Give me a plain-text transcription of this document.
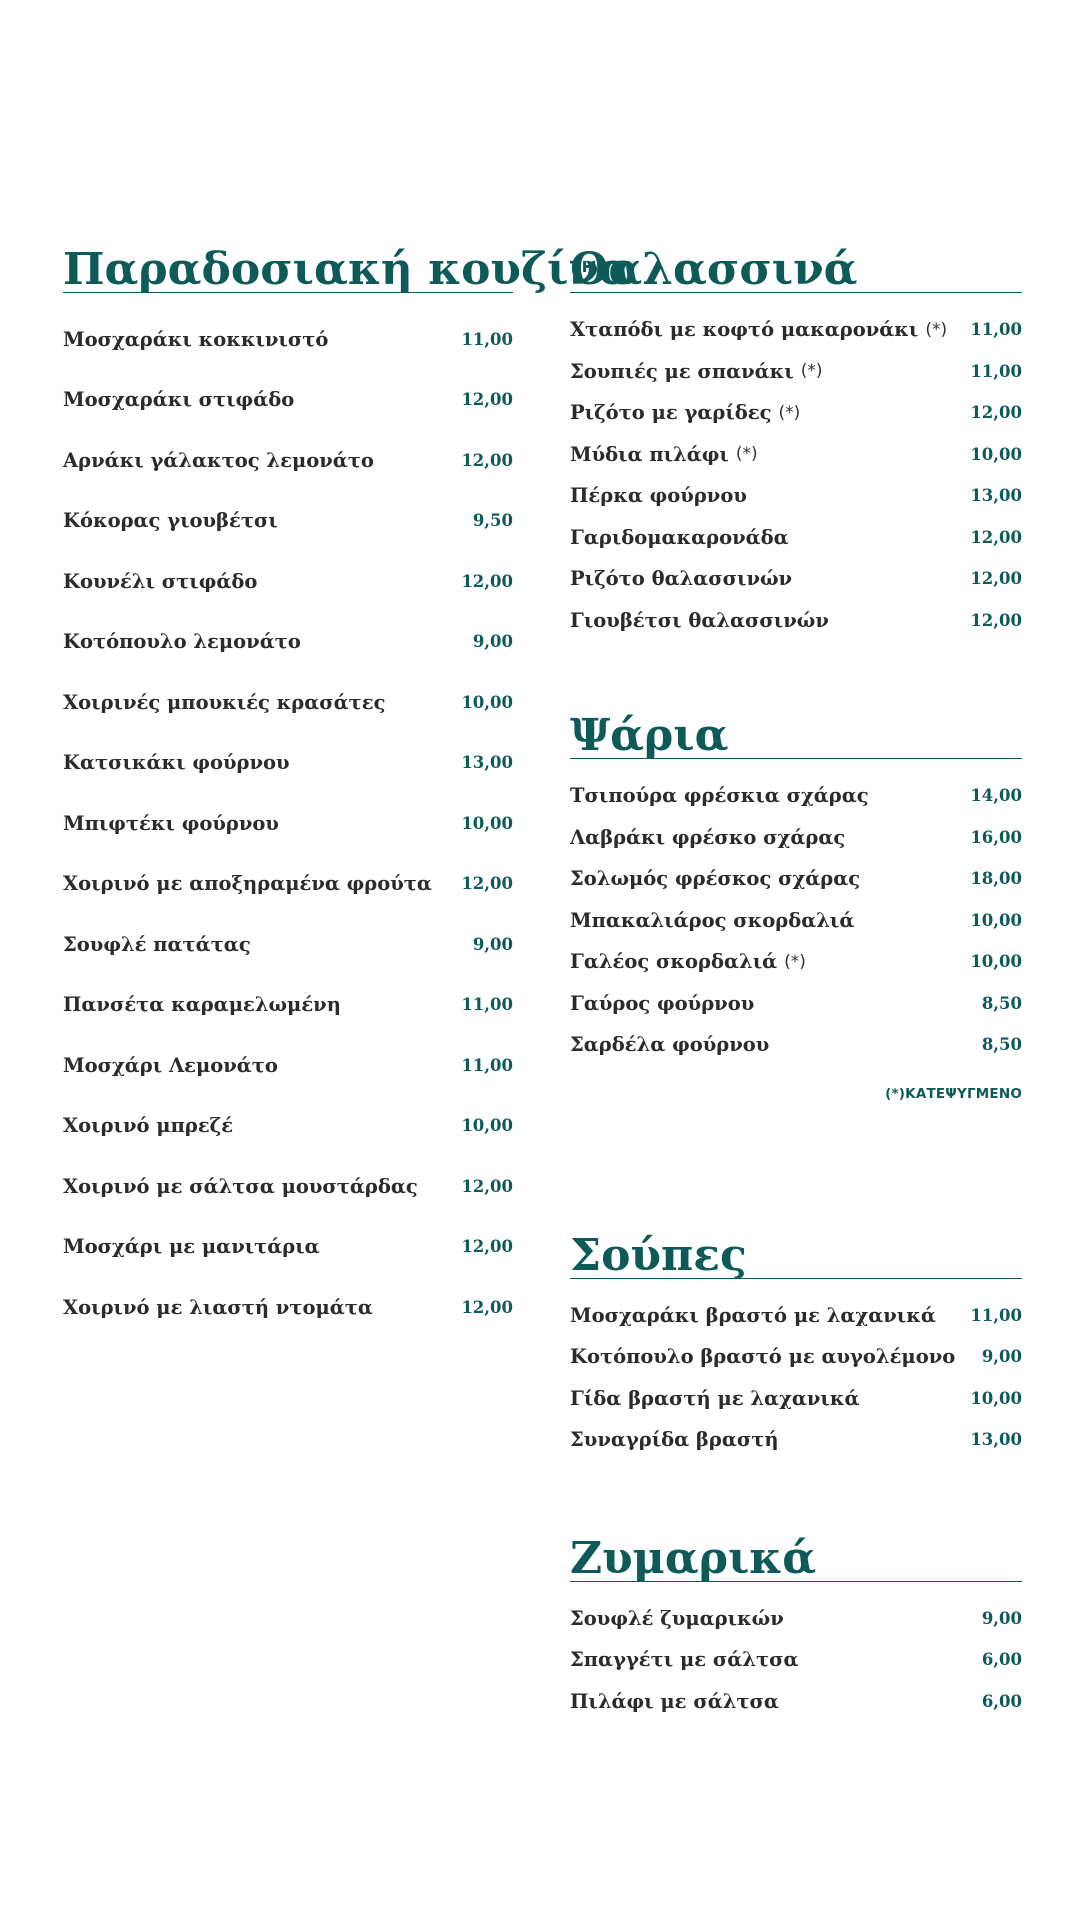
Παραδοσιακή κουζίνα
Μοσχαράκι κοκκινιστό	11,00
Μοσχαράκι στιφάδο	12,00
Αρνάκι γάλακτος λεμονάτο	12,00
Κόκορας γιουβέτσι	9,50
Κουνέλι στιφάδο	12,00
Κοτόπουλο λεμονάτο	9,00
Χοιρινές μπουκιές κρασάτες	10,00
Κατσικάκι φούρνου	13,00
Μπιφτέκι φούρνου	10,00
Χοιρινό με αποξηραμένα φρούτα 12,00
Σουφλέ πατάτας	9,00
Πανσέτα καραμελωμένη	11,00
Μοσχάρι Λεμονάτο	11,00
Χοιρινό μπρεζέ	10,00
Χοιρινό με σάλτσα μουστάρδας	12,00
Μοσχάρι με μανιτάρια	12,00
Χοιρινό με λιαστή ντομάτα	12,00
Θαλασσινά
Χταπόδι με κοφτό μακαρονάκι (*) 11,00
Σουπιές με σπανάκι (*)	11,00
Ριζότο με γαρίδες (*)	12,00
Μύδια πιλάφι (*)	10,00
Πέρκα φούρνου	13,00
Γαριδομακαρονάδα	12,00
Ριζότο θαλασσινών	12,00
Γιουβέτσι θαλασσινών	12,00
Ψάρια
Τσιπούρα φρέσκια σχάρας	14,00
Λαβράκι φρέσκο σχάρας	16,00
Σολωμός φρέσκος σχάρας	18,00
Μπακαλιάρος σκορδαλιά	10,00
Γαλέος σκορδαλιά (*)	10,00
Γαύρος φούρνου	8,50
Σαρδέλα φούρνου	8,50
(*)ΚΑΤΕΨΥΓΜΕΝΟ
Σούπες
Μοσχαράκι βραστό με λαχανικά 11,00
Κοτόπουλο βραστό με αυγολέμονο 9,00
Γίδα βραστή με λαχανικά	10,00
Συναγρίδα βραστή	13,00
Ζυμαρικά
Σουφλέ ζυμαρικών	9,00
Σπαγγέτι με σάλτσα	6,00
Πιλάφι με σάλτσα	6,00
